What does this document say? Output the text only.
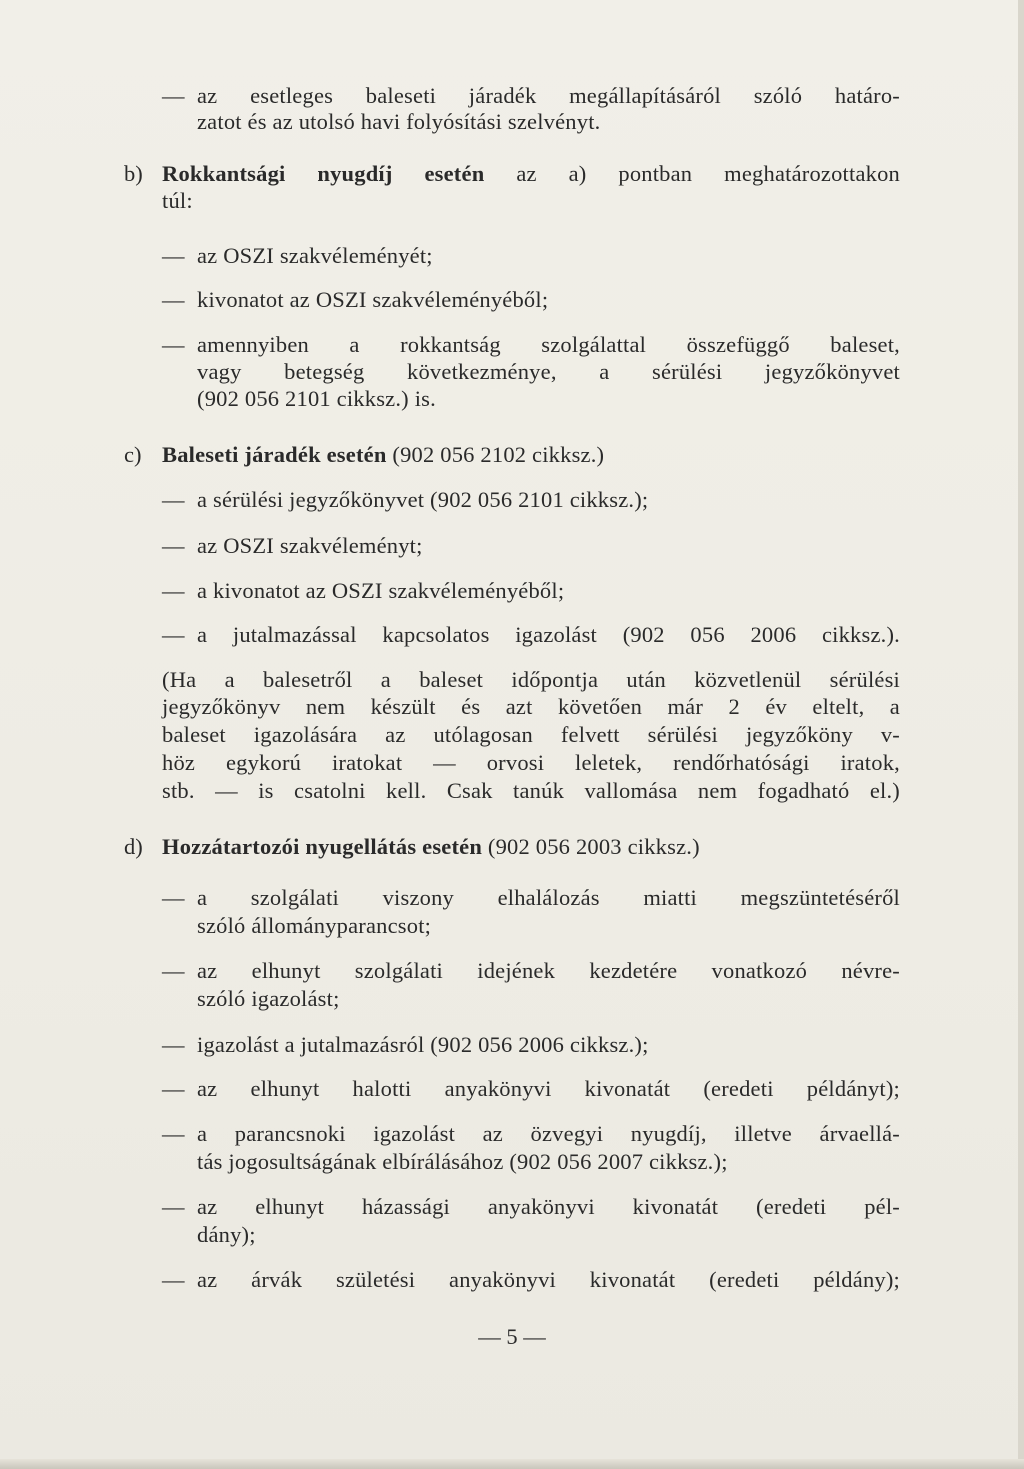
— az esetleges baleseti járadék megállapításáról szóló határo-
zatot és az utolsó havi folyósítási szelvényt.
b) Rokkantsági nyugdíj esetén az a) pontban meghatározottakon
túl:
— az OSZI szakvéleményét;
— kivonatot az OSZI szakvéleményéből;
— amennyiben a rokkantság szolgálattal összefüggő baleset,
vagy betegség következménye, a sérülési jegyzőkönyvet
(902 056 2101 cikksz.) is.
c) Baleseti járadék esetén (902 056 2102 cikksz.)
— a sérülési jegyzőkönyvet (902 056 2101 cikksz.);
— az OSZI szakvéleményt;
— a kivonatot az OSZI szakvéleményéből;
— a jutalmazással kapcsolatos igazolást (902 056 2006 cikksz.).
(Ha a balesetről a baleset időpontja után közvetlenül sérülési
jegyzőkönyv nem készült és azt követően már 2 év eltelt, a
baleset igazolására az utólagosan felvett sérülési jegyzőköny v-
höz egykorú iratokat — orvosi leletek, rendőrhatósági iratok,
stb. — is csatolni kell. Csak tanúk vallomása nem fogadható el.)
d) Hozzátartozói nyugellátás esetén (902 056 2003 cikksz.)
— a szolgálati viszony elhalálozás miatti megszüntetéséről
szóló állományparancsot;
— az elhunyt szolgálati idejének kezdetére vonatkozó névre-
szóló igazolást;
— igazolást a jutalmazásról (902 056 2006 cikksz.);
— az elhunyt halotti anyakönyvi kivonatát (eredeti példányt);
— a parancsnoki igazolást az özvegyi nyugdíj, illetve árvaellá-
tás jogosultságának elbírálásához (902 056 2007 cikksz.);
— az elhunyt házassági anyakönyvi kivonatát (eredeti pél-
dány);
— az árvák születési anyakönyvi kivonatát (eredeti példány);
— 5 —
